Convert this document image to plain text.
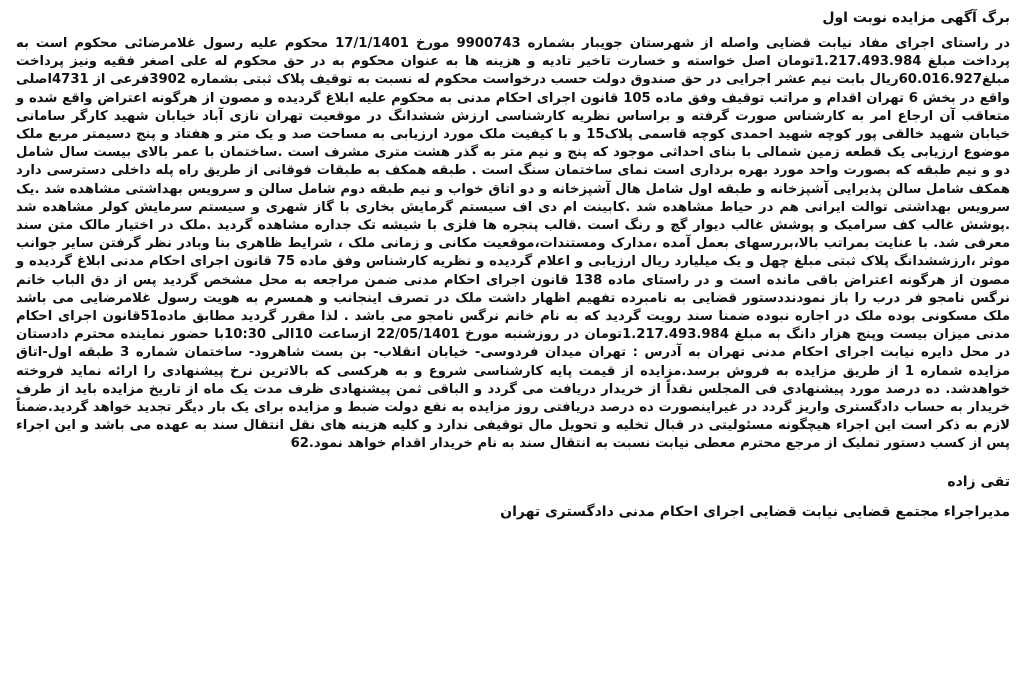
برگ آگهی مزایده نوبت اول

در راستای اجرای مفاد نیابت قضایی واصله از شهرستان جویبار بشماره 9900743 مورخ 17/1/1401 محکوم علیه رسول غلامرضائی محکوم است به پرداخت مبلغ 1.217.493.984تومان اصل خواسته و خسارت تاخیر تادیه و هزینه ها به عنوان محکوم به در حق محکوم له علی اصغر فقیه ونیز پرداخت مبلغ60.016.927ریال بابت نیم عشر اجرایی در حق صندوق دولت حسب درخواست محکوم له نسبت به توقیف پلاک ثبتی بشماره 3902فرعی از 4731اصلی واقع در بخش 6 تهران اقدام و مراتب توقیف وفق ماده 105 قانون اجرای احکام مدنی به محکوم علیه ابلاغ گردیده و مصون از هرگونه اعتراض واقع شده و متعاقب آن ارجاع امر به کارشناس صورت گرفته و براساس نظریه کارشناسی ارزش ششدانگ در موقعیت تهران نازی آباد خیابان شهید کارگر سامانی خیابان شهید خالقی پور کوچه شهید احمدی کوچه قاسمی پلاک15 و با کیفیت ملک مورد ارزیابی به مساحت صد و یک متر و هفتاد و پنج دسیمتر مربع ملک موضوع ارزیابی یک قطعه زمین شمالی با بنای احداثی موجود که پنج و نیم متر به گذر هشت متری مشرف است .ساختمان با عمر بالای بیست سال شامل دو و نیم طبقه که بصورت واحد مورد بهره برداری است نمای ساختمان سنگ است . طبقه همکف به طبقات فوقانی از طریق راه پله داخلی دسترسی دارد همکف شامل سالن پذیرایی آشپزخانه و طبقه اول شامل هال آشپزخانه و دو اتاق خواب و نیم طبقه دوم شامل سالن و سرویس بهداشتی مشاهده شد .یک سرویس بهداشتی توالت ایرانی هم در حیاط مشاهده شد .کابینت ام دی اف سیستم گرمایش بخاری با گاز شهری و سیستم سرمایش کولر مشاهده شد .پوشش غالب کف سرامیک و پوشش غالب دیوار گچ و رنگ است .قالب پنجره ها فلزی با شیشه تک جداره مشاهده گردید .ملک در اختیار مالک متن سند معرفی شد. با عنایت بمراتب بالا،بررسهای بعمل آمده ،مدارک ومستندات،موقعیت مکانی و زمانی ملک ، شرایط ظاهری بنا وبادر نظر گرفتن سایر جوانب موثر ،ارزششدانگ پلاک ثبتی مبلغ چهل و یک میلیارد ریال ارزیابی و اعلام گردیده و نظریه کارشناس وفق ماده 75 قانون اجرای احکام مدنی ابلاغ گردیده و مصون از هرگونه اعتراض باقی مانده است و در راستای ماده 138 قانون اجرای احکام مدنی ضمن مراجعه به محل مشخص گردید پس از دق الباب خانم نرگس نامجو فر درب را باز نمودنددستور قضایی به نامبرده تفهیم اظهار داشت ملک در تصرف اینجانب و همسرم به هویت رسول غلامرضایی می باشد ملک مسکونی بوده ملک در اجاره نبوده ضمنا سند رویت گردید که به نام خانم نرگس نامجو می باشد . لذا مقرر گردید مطابق ماده51قانون اجرای احکام مدنی میزان بیست وپنج هزار دانگ به مبلغ 1.217.493.984تومان در روزشنبه مورخ 22/05/1401 ازساعت 10الی 10:30با حضور نماینده محترم دادستان در محل دایره نیابت اجرای احکام مدنی تهران به آدرس : تهران میدان فردوسی- خیابان انقلاب- بن بست شاهرود- ساختمان شماره 3 طبقه اول-اتاق مزایده شماره 1 از طریق مزایده به فروش برسد.مزایده از قیمت پایه کارشناسی شروع و به هرکسی که بالاترین نرخ پیشنهادی را ارائه نماید فروخته خواهدشد. ده درصد مورد پیشنهادی فی المجلس نقداً از خریدار دریافت می گردد و الباقی ثمن پیشنهادی ظرف مدت یک ماه از تاریخ مزایده باید از طرف خریدار به حساب دادگستری واریز گردد در غیراینصورت ده درصد دریافتی روز مزایده به نفع دولت ضبط و مزایده برای یک بار دیگر تجدید خواهد گردید.ضمناً لازم به ذکر است این اجراء هیچگونه مسئولیتی در قبال تخلیه و تحویل مال توقیفی ندارد و کلیه هزینه های نقل انتقال سند به عهده می باشد و این اجراء پس از کسب دستور تملیک از مرجع محترم معطی نیابت نسبت به انتقال سند به نام خریدار اقدام خواهد نمود.62

تقی زاده
مدیراجراء مجتمع قضایی نیابت قضایی اجرای احکام مدنی دادگستری تهران
